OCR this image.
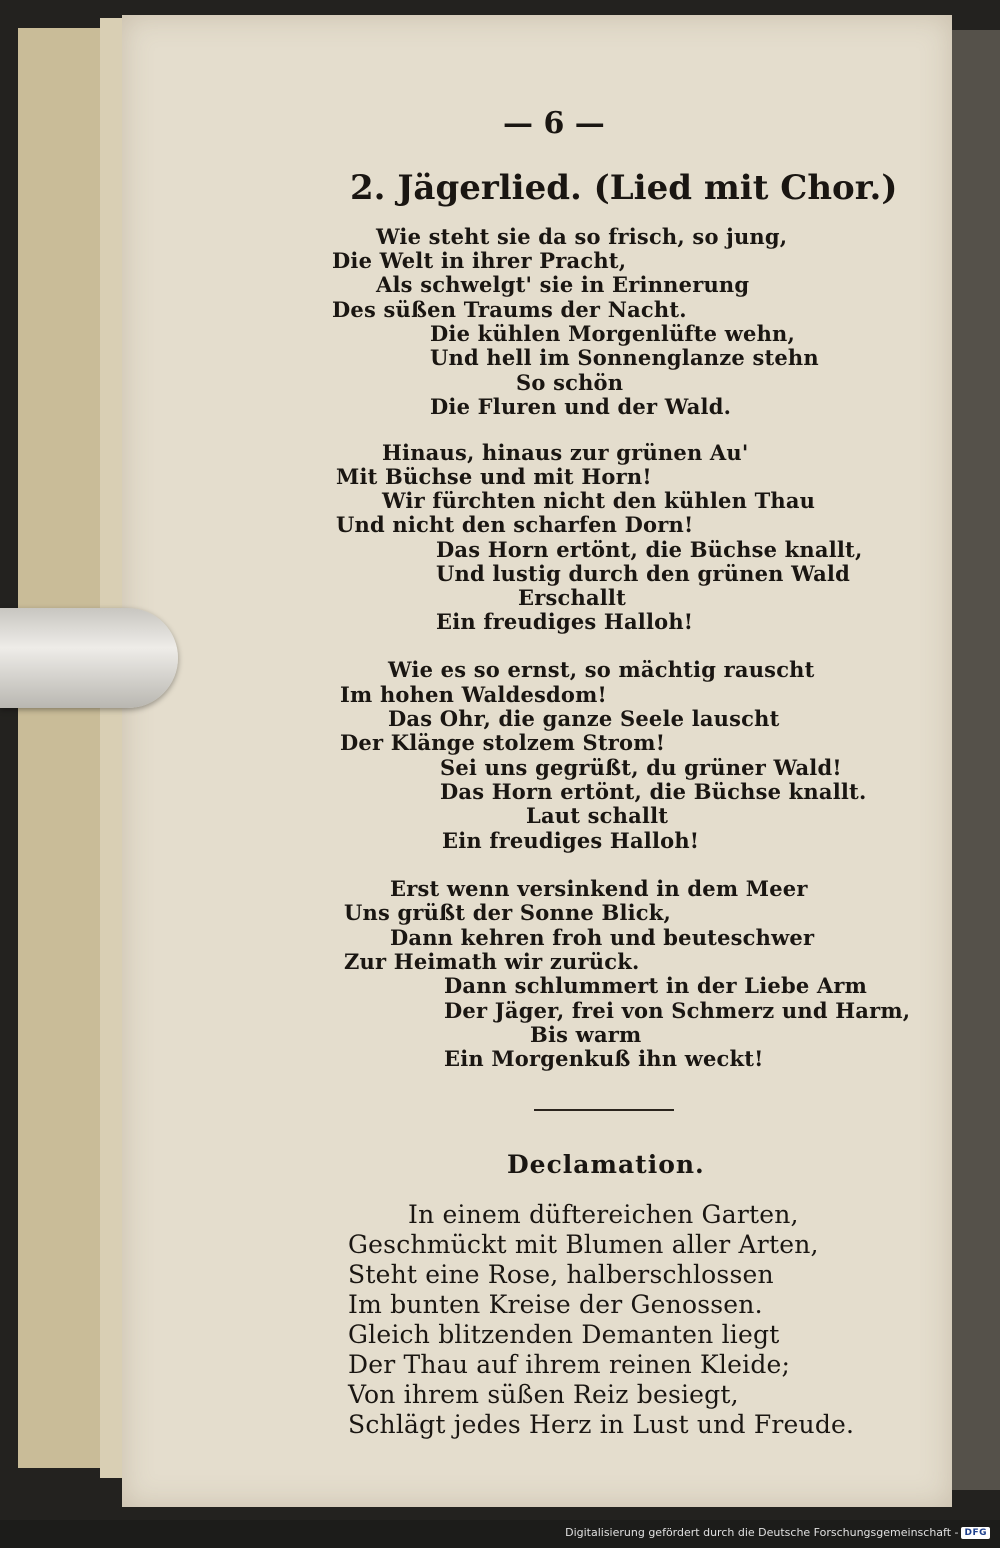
— 6 —
2. Jägerlied. (Lied mit Chor.)
Wie steht sie da so frisch, so jung,
Die Welt in ihrer Pracht,
Als schwelgt' sie in Erinnerung
Des süßen Traums der Nacht.
Die kühlen Morgenlüfte wehn,
Und hell im Sonnenglanze stehn
So schön
Die Fluren und der Wald.
Hinaus, hinaus zur grünen Au'
Mit Büchse und mit Horn!
Wir fürchten nicht den kühlen Thau
Und nicht den scharfen Dorn!
Das Horn ertönt, die Büchse knallt,
Und lustig durch den grünen Wald
Erschallt
Ein freudiges Halloh!
Wie es so ernst, so mächtig rauscht
Im hohen Waldesdom!
Das Ohr, die ganze Seele lauscht
Der Klänge stolzem Strom!
Sei uns gegrüßt, du grüner Wald!
Das Horn ertönt, die Büchse knallt.
Laut schallt
Ein freudiges Halloh!
Erst wenn versinkend in dem Meer
Uns grüßt der Sonne Blick,
Dann kehren froh und beuteschwer
Zur Heimath wir zurück.
Dann schlummert in der Liebe Arm
Der Jäger, frei von Schmerz und Harm,
Bis warm
Ein Morgenkuß ihn weckt!
Declamation.
In einem düftereichen Garten,
Geschmückt mit Blumen aller Arten,
Steht eine Rose, halberschlossen
Im bunten Kreise der Genossen.
Gleich blitzenden Demanten liegt
Der Thau auf ihrem reinen Kleide;
Von ihrem süßen Reiz besiegt,
Schlägt jedes Herz in Lust und Freude.
Digitalisierung gefördert durch die Deutsche Forschungsgemeinschaft - DFG
